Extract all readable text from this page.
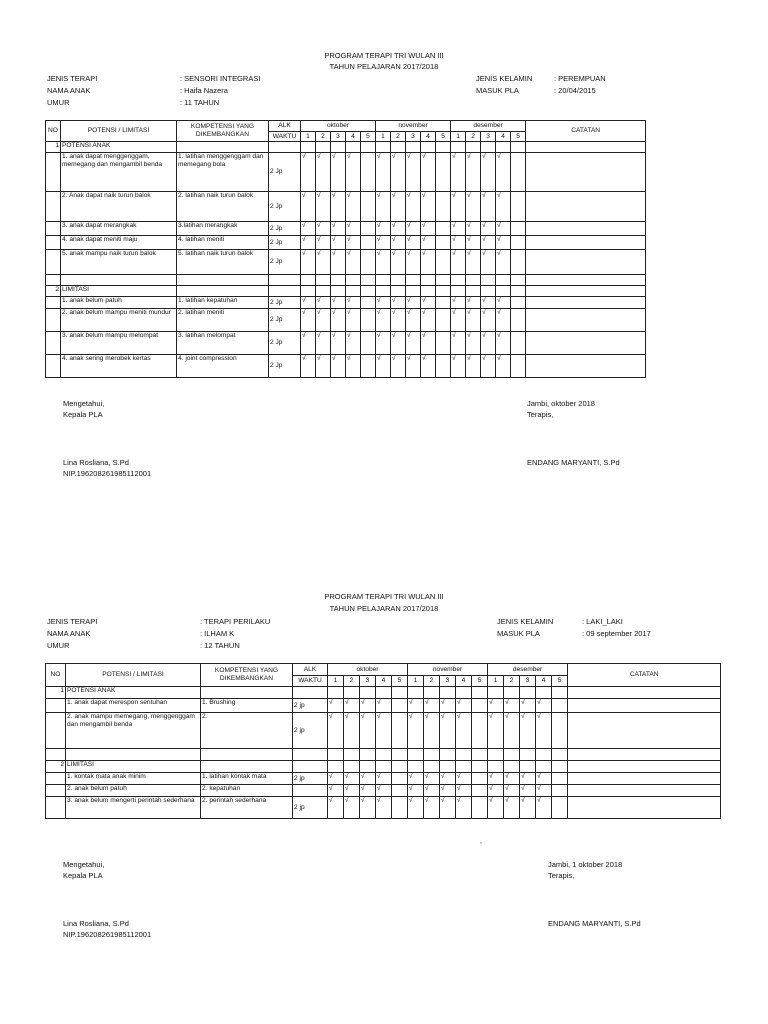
PROGRAM TERAPI TRI WULAN III
TAHUN PELAJARAN 2017/2018
JENIS TERAPI	: SENSORI INTEGRASI	JENIS KELAMIN	: PEREMPUAN
NAMA ANAK	: Haifa Nazera	MASUK PLA	: 20/04/2015
UMUR	: 11 TAHUN
NO	POTENSI / LIMITASI	KOMPETENSI YANG
DIKEMBANGKAN	ALK	oktober					november					desember					CATATAN
			WAKTU	1	2	3	4	5	1	2	3	4	5	1	2	3	4	5	
1	POTENSI ANAK																		
	1. anak dapat menggenggam, memegang dan mengambil benda	1. latihan menggenggam dan memegang bola	2 Jp	√	√	√	√		√	√	√	√		√	√	√	√		
	2. Anak dapat naik turun balok	2. latihan naik turun balok	2 Jp	√	√	√	√		√	√	√	√		√	√	√	√		
	3. anak dapat merangkak	3.latihan merangkak	2 Jp	√	√	√	√		√	√	√	√		√	√	√	√		
	4. anak dapat meniti maju	4. latihan meniti	2 Jp	√	√	√	√		√	√	√	√		√	√	√	√		
	5. anak mampu naik turun balok	5. latihan naik turun balok	2 Jp	√	√	√	√		√	√	√	√		√	√	√	√		

2	LIMITASI																		
	1. anak belum patuh	1. latihan kepatuhan	2 Jp	√	√	√	√		√	√	√	√		√	√	√	√		
	2. anak belum mampu meniti mundur	2. latihan meniti	2 Jp	√	√	√	√		√	√	√	√		√	√	√	√		
	3. anak belum mampu melompat	3. latihan melompat	2 Jp	√	√	√	√		√	√	√	√		√	√	√	√		
	4. anak sering merobek kertas	4. joint compression	2 Jp	√	√	√	√		√	√	√	√		√	√	√	√		
Mengetahui,
Kepala PLA
Jambi, oktober 2018
Terapis,
Lina Rosliana, S.Pd
NIP.196208261985112001
ENDANG MARYANTI, S.Pd
PROGRAM TERAPI TRI WULAN III
TAHUN PELAJARAN 2017/2018
JENIS TERAPI	: TERAPI PERILAKU	JENIS KELAMIN	: LAKI_LAKI
NAMA ANAK	: ILHAM K	MASUK PLA	: 09 september 2017
UMUR	: 12 TAHUN
NO	POTENSI / LIMITASI	KOMPETENSI YANG
DIKEMBANGKAN	ALK	oktober					november					desember					CATATAN
			WAKTU	1	2	3	4	5	1	2	3	4	5	1	2	3	4	5	
1	POTENSI ANAK																		
	1. anak dapat merespon sentuhan	1. Brushing	2 jp	√	√	√	√		√	√	√	√		√	√	√	√		
	2. anak mampu memegang, menggenggam dan mengambil benda	2.	2 jp	√	√	√	√		√	√	√	√		√	√	√	√		

2	LIMITASI																		
	1. kontak mata anak minim	1. latihan kontak mata	2 jp	√	√	√	√		√	√	√	√		√	√	√	√		
	2. anak belum patuh	2. kepatuhan		√	√	√	√		√	√	√	√		√	√	√	√		
	3. anak belum mengerti perintah sederhana	2. perintah sederhana	2 jp	√	√	√	√		√	√	√	√		√	√	√	√		
,
Mengetahui,
Kepala PLA
Jambi, 1 oktober 2018
Terapis,
Lina Rosliana, S.Pd
NIP.196208261985112001
ENDANG MARYANTI, S.Pd
